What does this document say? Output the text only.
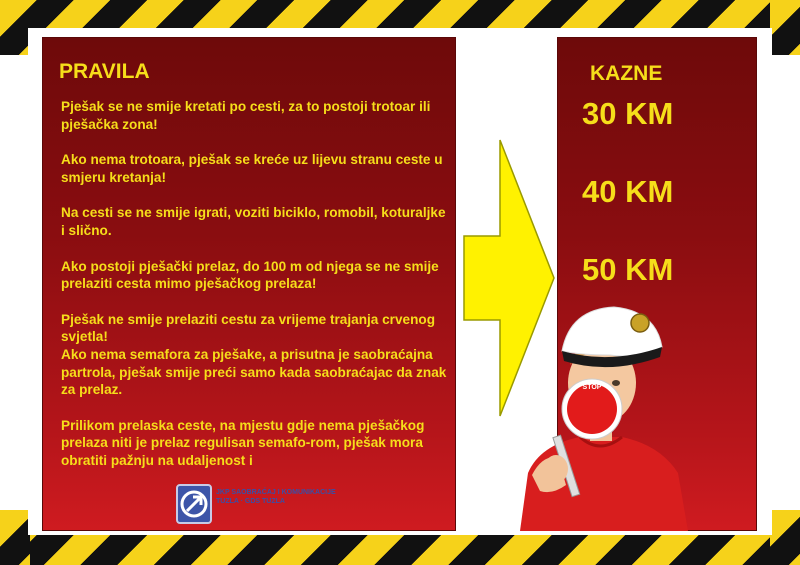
PRAVILA
Pješak se ne smije kretati po cesti, za to postoji trotoar ili pješačka zona!
Ako nema trotoara, pješak se kreće uz lijevu stranu ceste u smjeru kretanja!
Na cesti se ne smije igrati, voziti biciklo, romobil, koturaljke i slično.
Ako postoji pješački prelaz, do 100 m od njega se ne smije prelaziti cesta mimo pješačkog prelaza!
Pješak ne smije prelaziti cestu za vrijeme trajanja crvenog svjetla!
Ako nema semafora za pješake, a prisutna je saobraćajna partrola, pješak smije preći samo kada saobraćajac da znak za prelaz.
Prilikom prelaska ceste, na mjestu gdje nema pješačkog prelaza niti je prelaz regulisan semafo-rom, pješak mora obratiti pažnju na udaljenost i
JKP SAOBRAĆAJ I KOMUNIKACIJE TUZLA · GDS TUZLA
KAZNE
30 KM
40 KM
50 KM
STOP
